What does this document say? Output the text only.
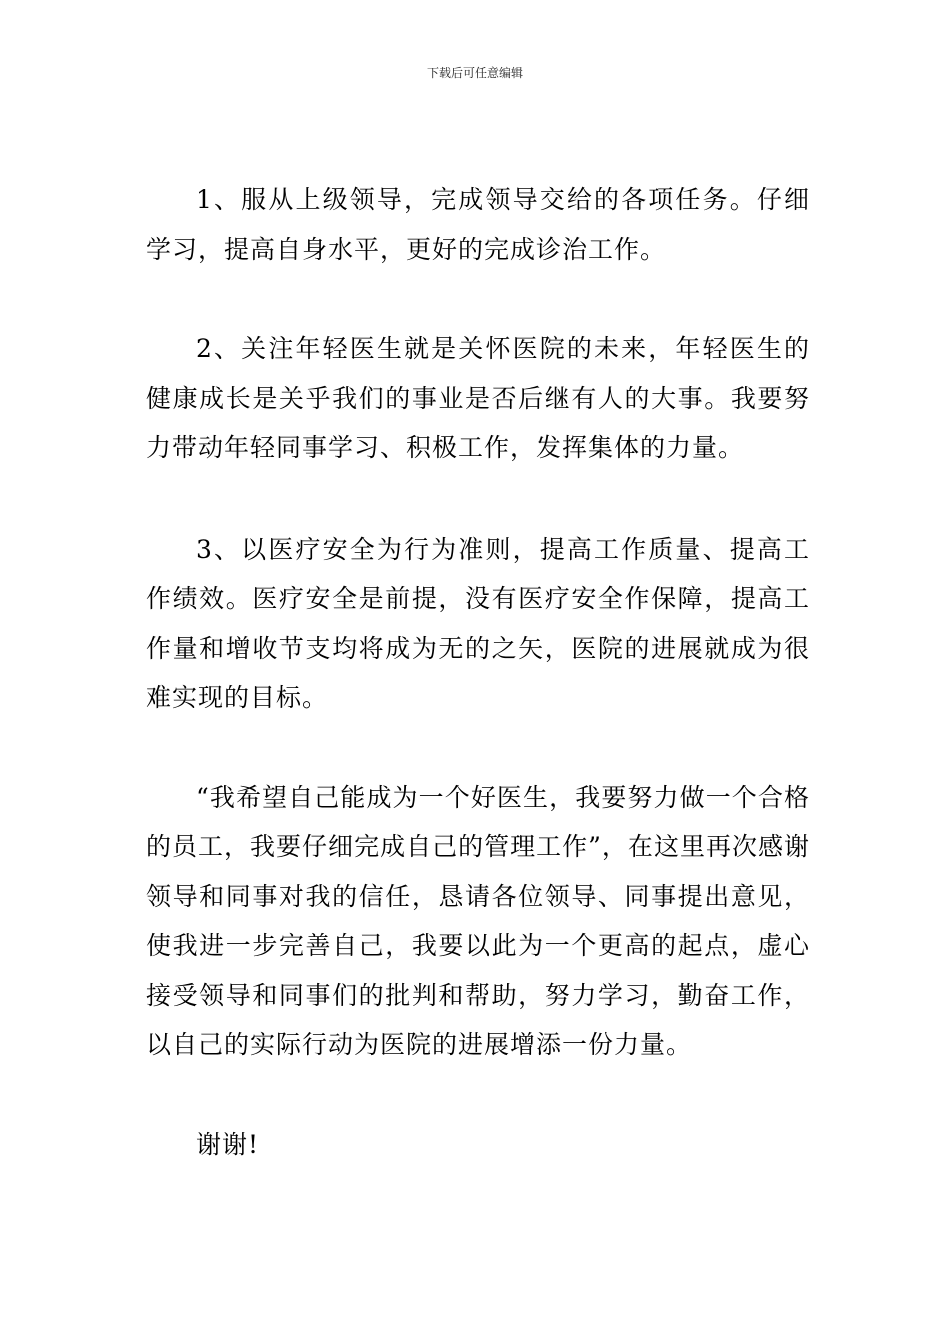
下载后可任意编辑

1、服从上级领导，完成领导交给的各项任务。仔细学习，提高自身水平，更好的完成诊治工作。

2、关注年轻医生就是关怀医院的未来，年轻医生的健康成长是关乎我们的事业是否后继有人的大事。我要努力带动年轻同事学习、积极工作，发挥集体的力量。

3、以医疗安全为行为准则，提高工作质量、提高工作绩效。医疗安全是前提，没有医疗安全作保障，提高工作量和增收节支均将成为无的之矢，医院的进展就成为很难实现的目标。

“我希望自己能成为一个好医生，我要努力做一个合格的员工，我要仔细完成自己的管理工作”，在这里再次感谢领导和同事对我的信任，恳请各位领导、同事提出意见，使我进一步完善自己，我要以此为一个更高的起点，虚心接受领导和同事们的批判和帮助，努力学习，勤奋工作，以自己的实际行动为医院的进展增添一份力量。

谢谢!
